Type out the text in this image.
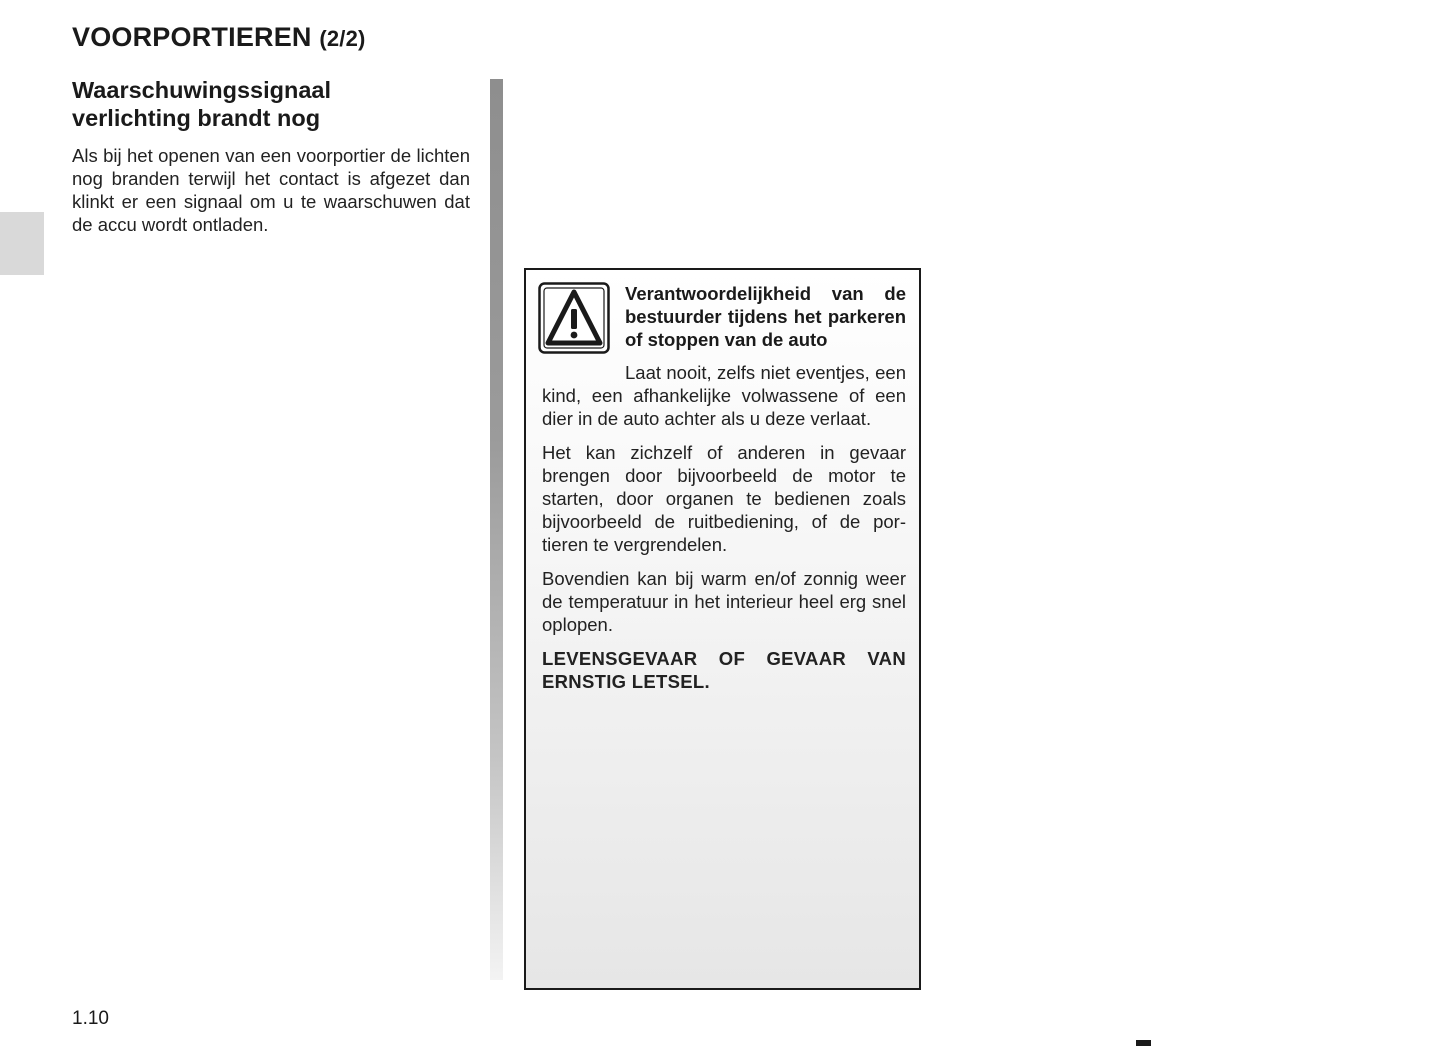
VOORPORTIEREN (2/2)
Waarschuwingssignaal
verlichting brandt nog

Als bij het openen van een voorportier de lichten nog branden terwijl het contact is afgezet dan klinkt er een signaal om u te waarschuwen dat de accu wordt ontladen.

Verantwoordelijkheid van de bestuurder tijdens het parkeren of stoppen van de auto

Laat nooit, zelfs niet eventjes, een kind, een afhankelijke volwassene of een dier in de auto achter als u deze verlaat.

Het kan zichzelf of anderen in gevaar brengen door bijvoorbeeld de motor te starten, door organen te bedienen zoals bijvoorbeeld de ruitbediening, of de portieren te vergrendelen.

Bovendien kan bij warm en/of zonnig weer de temperatuur in het interieur heel erg snel oplopen.

LEVENSGEVAAR OF GEVAAR VAN ERNSTIG LETSEL.

1.10
